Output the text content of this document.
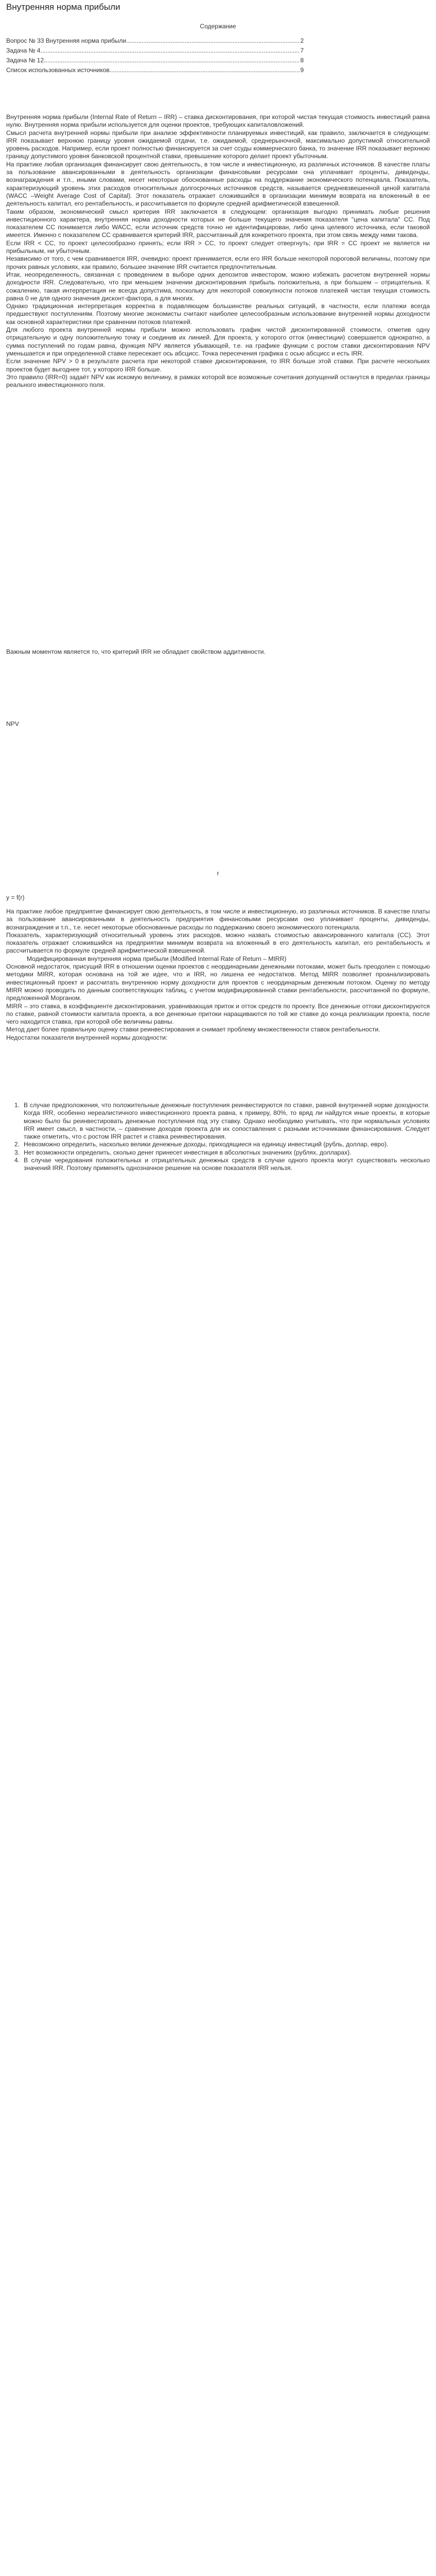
Внутренняя норма прибыли
Содержание
Вопрос № 33 Внутренняя норма прибыли .....	2
Задача № 4 .....	7
Задача № 12 .....	8
Список использованных источников .....	9

Внутренняя норма прибыли (Internal Rate of Return – IRR) – ставка дисконтирования, при которой чистая текущая стоимость инвестиций равна нулю. Внутренняя норма прибыли используется для оценки проектов, требующих капиталовложений.

Смысл расчета внутренней нормы прибыли при анализе эффективности планируемых инвестиций, как правило, заключается в следующем: IRR показывает верхнюю границу уровня ожидаемой отдачи, т.е. ожидаемой, среднерыночной, максимально допустимой относительной уровень расходов. Например, если проект полностью финансируется за счет ссуды коммерческого банка, то значение IRR показывает верхнюю границу допустимого уровня банковской процентной ставки, превышение которого делает проект убыточным.

На практике любая организация финансирует свою деятельность, в том числе и инвестиционную, из различных источников. В качестве платы за пользование авансированными в деятельность организации финансовыми ресурсами она уплачивает проценты, дивиденды, вознаграждения и т.п., иными словами, несет некоторые обоснованные расходы на поддержание экономического потенциала. Показатель, характеризующий уровень этих расходов относительных долгосрочных источников средств, называется средневзвешенной ценой капитала (WACC –Weight Average Cost of Capital). Этот показатель отражает сложившийся в организации минимум возврата на вложенный в ее деятельность капитал, его рентабельность, и рассчитывается по формуле средней арифметической взвешенной.

Таким образом, экономический смысл критерия IRR заключается в следующем: организация выгодно принимать любые решения инвестиционного характера, внутренняя норма доходности которых не больше текущего значения показателя "цена капитала" СС. Под показателем СС понимается либо WACC, если источник средств точно не идентифицирован, либо цена целевого источника, если таковой имеется. Именно с показателем СС сравнивается критерий IRR, рассчитанный для конкретного проекта, при этом связь между ними такова.

Если IRR < СС, то проект целесообразно принять; если IRR > СС, то проект следует отвергнуть; при IRR = СС проект не является ни прибыльным, ни убыточным.

Независимо от того, с чем сравнивается IRR, очевидно: проект принимается, если его IRR больше некоторой пороговой величины, поэтому при прочих равных условиях, как правило, большее значение IRR считается предпочтительным.

Итак, неопределенность, связанная с проведением в выборе одних депозитов инвестором, можно избежать расчетом внутренней нормы доходности IRR. Следовательно, что при меньшем значении дисконтирования прибыль положительна, а при большем – отрицательна. К сожалению, такая интерпретация не всегда допустима, поскольку для некоторой совокупности потоков платежей чистая текущая стоимость равна 0 не для одного значения дисконт-фактора, а для многих.

Однако традиционная интерпретация корректна в подавляющем большинстве реальных ситуаций, в частности, если платежи всегда предшествуют поступлениям. Поэтому многие экономисты считают наиболее целесообразным использование внутренней нормы доходности как основной характеристики при сравнении потоков платежей.

Для любого проекта внутренней нормы прибыли можно использовать график чистой дисконтированной стоимости, отметив одну отрицательную и одну положительную точку и соединив их линией. Для проекта, у которого отток (инвестиции) совершается однократно, а сумма поступлений по годам равна, функция NPV является убывающей, т.е. на графике функции с ростом ставки дисконтирования NPV уменьшается и при определенной ставке пересекает ось абсцисс. Точка пересечения графика с осью абсцисс и есть IRR.

Если значение NPV > 0 в результате расчета при некоторой ставке дисконтирования, то IRR больше этой ставки. При расчете нескольких проектов будет выгоднее тот, у которого IRR больше.

Это правило (IRR=0) задаёт NPV как искомую величину, в рамках которой все возможные сочетания допущений останутся в пределах границы реального инвестиционного поля.

Важным моментом является то, что критерий IRR не обладает свойством аддитивности.

NPV
r
y = f(r)

На практике любое предприятие финансирует свою деятельность, в том числе и инвестиционную, из различных источников. В качестве платы за пользование авансированными в деятельность предприятия финансовыми ресурсами оно уплачивает проценты, дивиденды, вознаграждения и т.п., т.е. несет некоторые обоснованные расходы по поддержанию своего экономического потенциала.

Показатель, характеризующий относительный уровень этих расходов, можно назвать стоимостью авансированного капитала (CC). Этот показатель отражает сложившийся на предприятии минимум возврата на вложенный в его деятельность капитал, его рентабельность и рассчитывается по формуле средней арифметической взвешенной.

Модифицированная внутренняя норма прибыли (Modified Internal Rate of Return – MIRR)

Основной недостаток, присущий IRR в отношении оценки проектов с неординарными денежными потоками, может быть преодолен с помощью методики MIRR, которая основана на той же идее, что и IRR, но лишена ее недостатков. Метод MIRR позволяет проанализировать инвестиционный проект и рассчитать внутреннюю норму доходности для проектов с неординарным денежным потоком. Оценку по методу MIRR можно проводить по данным соответствующих таблиц, с учетом модифицированной ставки рентабельности, рассчитанной по формуле, предложенной Морганом.

MIRR – это ставка, в коэффициенте дисконтирования, уравнивающая приток и отток средств по проекту. Все денежные оттоки дисконтируются по ставке, равной стоимости капитала проекта, а все денежные притоки наращиваются по той же ставке до конца реализации проекта, после чего находится ставка, при которой обе величины равны.

Метод дает более правильную оценку ставки реинвестирования и снимает проблему множественности ставок рентабельности.

Недостатки показателя внутренней нормы доходности:

1. В случае предположения, что положительные денежные поступления реинвестируются по ставке, равной внутренней норме доходности. Когда IRR, особенно нереалистичного инвестиционного проекта равна, к примеру, 80%, то вряд ли найдутся иные проекты, в которые можно было бы реинвестировать денежные поступления под эту ставку. Однако необходимо учитывать, что при нормальных условиях IRR имеет смысл, в частности, – сравнение доходов проекта для их сопоставления с разными источниками финансирования. Следует также отметить, что с ростом IRR растет и ставка реинвестирования.
2. Невозможно определить, насколько велики денежные доходы, приходящиеся на единицу инвестиций (рубль, доллар, евро).
3. Нет возможности определить, сколько денег принесет инвестиция в абсолютных значениях (рублях, долларах).
4. В случае чередования положительных и отрицательных денежных средств в случае одного проекта могут существовать несколько значений IRR. Поэтому применять однозначное решение на основе показателя IRR нельзя.
